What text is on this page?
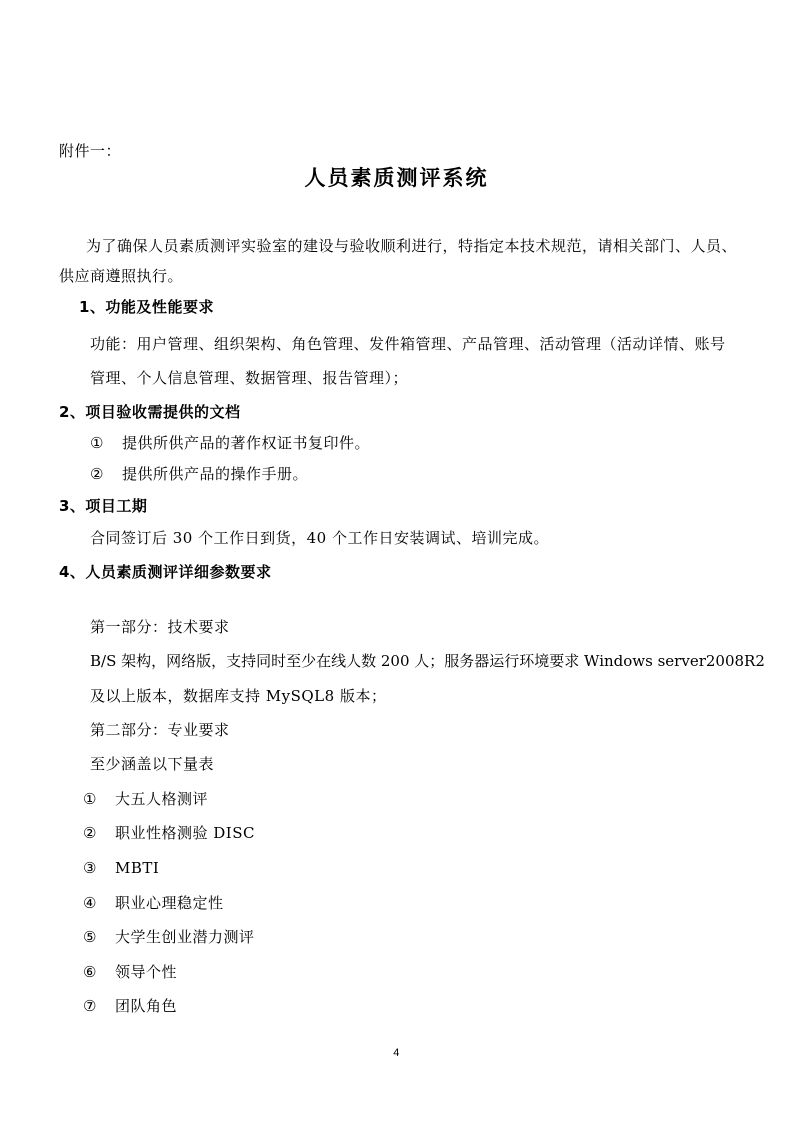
附件一：
人员素质测评系统
为了确保人员素质测评实验室的建设与验收顺利进行，特指定本技术规范，请相关部门、人员、
供应商遵照执行。
1、功能及性能要求
功能：用户管理、组织架构、角色管理、发件箱管理、产品管理、活动管理（活动详情、账号
管理、个人信息管理、数据管理、报告管理）；
2、项目验收需提供的文档
① 提供所供产品的著作权证书复印件。
② 提供所供产品的操作手册。
3、项目工期
合同签订后 30 个工作日到货，40 个工作日安装调试、培训完成。
4、人员素质测评详细参数要求
第一部分：技术要求
B/S 架构，网络版，支持同时至少在线人数 200 人；服务器运行环境要求 Windows server2008R2
及以上版本，数据库支持 MySQL8 版本；
第二部分：专业要求
至少涵盖以下量表
① 大五人格测评
② 职业性格测验 DISC
③ MBTI
④ 职业心理稳定性
⑤ 大学生创业潜力测评
⑥ 领导个性
⑦ 团队角色
4
